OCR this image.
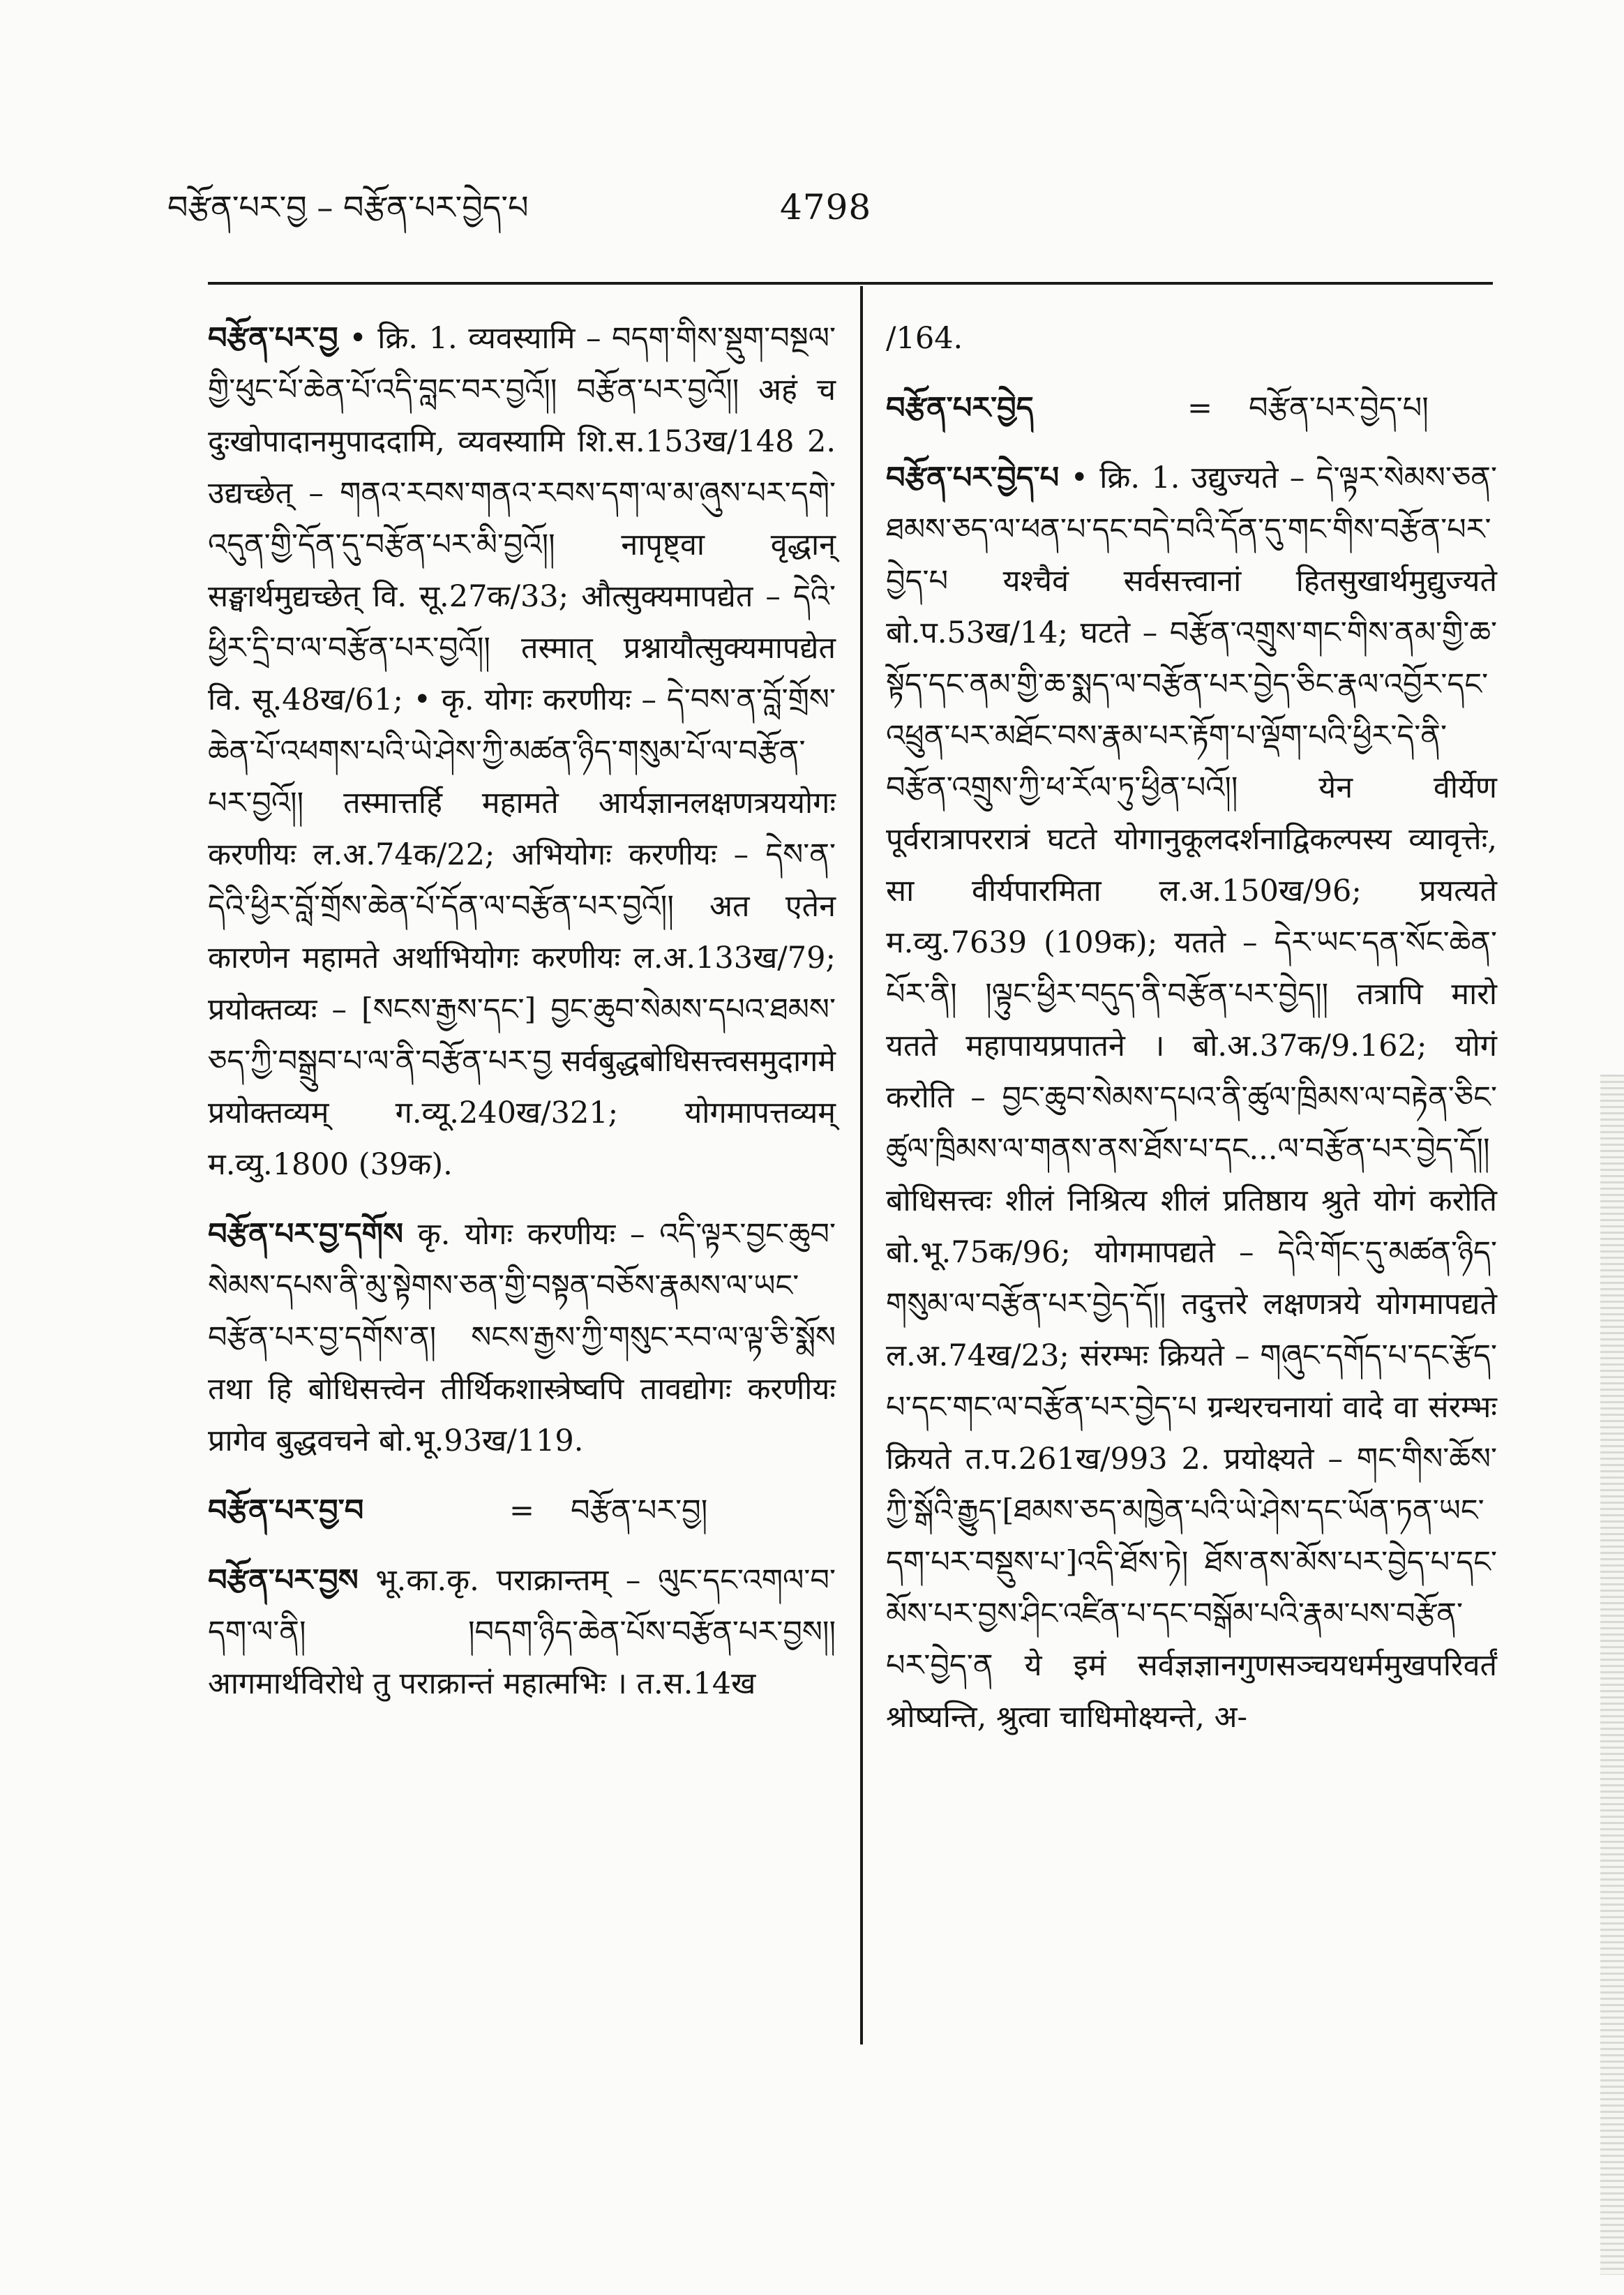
བརྩོན་པར་བྱ – བརྩོན་པར་བྱེད་པ	4798

བརྩོན་པར་བྱ • क्रि. 1. व्यवस्यामि – བདག་གིས་སྡུག་བསྔལ་གྱི་ཕུང་པོ་ཆེན་པོ་འདི་བླང་བར་བྱའོ།། བརྩོན་པར་བྱའོ།། अहं च दुःखोपादानमुपाददामि, व्यवस्यामि शि.स.153ख/148 2. उद्यच्छेत् – གནའ་རབས་གནའ་རབས་དག་ལ་མ་ཞུས་པར་དགེ་འདུན་གྱི་དོན་དུ་བརྩོན་པར་མི་བྱའོ།། नापृष्ट्वा वृद्धान् सङ्घार्थमुद्यच्छेत् वि. सू.27क/33; औत्सुक्यमापद्येत – དེའི་ཕྱིར་དྲི་བ་ལ་བརྩོན་པར་བྱའོ།། तस्मात् प्रश्नायौत्सुक्यमापद्येत वि. सू.48ख/61; • कृ. योगः करणीयः – དེ་བས་ན་བློ་གྲོས་ཆེན་པོ་འཕགས་པའི་ཡེ་ཤེས་ཀྱི་མཚན་ཉིད་གསུམ་པོ་ལ་བརྩོན་པར་བྱའོ།། तस्मात्तर्हि महामते आर्यज्ञानलक्षणत्रययोगः करणीयः ल.अ.74क/22; अभियोगः करणीयः – དེས་ན་དེའི་ཕྱིར་བློ་གྲོས་ཆེན་པོ་དོན་ལ་བརྩོན་པར་བྱའོ།། अत एतेन कारणेन महामते अर्थाभियोगः करणीयः ल.अ.133ख/79; प्रयोक्तव्यः – [སངས་རྒྱས་དང་] བྱང་ཆུབ་སེམས་དཔའ་ཐམས་ཅད་ཀྱི་བསྒྲུབ་པ་ལ་ནི་བརྩོན་པར་བྱ सर्वबुद्धबोधिसत्त्वसमुदागमे प्रयोक्तव्यम् ग.व्यू.240ख/321; योगमापत्तव्यम् म.व्यु.1800 (39क).

བརྩོན་པར་བྱ་དགོས कृ. योगः करणीयः – འདི་ལྟར་བྱང་ཆུབ་སེམས་དཔས་ནི་མུ་སྟེགས་ཅན་གྱི་བསྟན་བཅོས་རྣམས་ལ་ཡང་བརྩོན་པར་བྱ་དགོས་ན། སངས་རྒྱས་ཀྱི་གསུང་རབ་ལ་ལྟ་ཅི་སྨོས तथा हि बोधिसत्त्वेन तीर्थिकशास्त्रेष्वपि तावद्योगः करणीयः प्रागेव बुद्धवचने बो.भू.93ख/119.

བརྩོན་པར་བྱ་བ	=	བརྩོན་པར་བྱ།

བརྩོན་པར་བྱས भू.का.कृ. पराक्रान्तम् – ལུང་དང་འགལ་བ་དག་ལ་ནི། །བདག་ཉིད་ཆེན་པོས་བརྩོན་པར་བྱས།། आगमार्थविरोधे तु पराक्रान्तं महात्मभिः । त.स.14ख

/164.

བརྩོན་པར་བྱེད	=	བརྩོན་པར་བྱེད་པ།

བརྩོན་པར་བྱེད་པ • क्रि. 1. उद्युज्यते – དེ་ལྟར་སེམས་ཅན་ཐམས་ཅད་ལ་ཕན་པ་དང་བདེ་བའི་དོན་དུ་གང་གིས་བརྩོན་པར་བྱེད་པ यश्चैवं सर्वसत्त्वानां हितसुखार्थमुद्युज्यते बो.प.53ख/14; घटते – བརྩོན་འགྲུས་གང་གིས་ནམ་གྱི་ཆ་སྟོད་དང་ནམ་གྱི་ཆ་སྨད་ལ་བརྩོན་པར་བྱེད་ཅིང་རྣལ་འབྱོར་དང་འཕྲུན་པར་མཐོང་བས་རྣམ་པར་རྟོག་པ་ལྡོག་པའི་ཕྱིར་དེ་ནི་བརྩོན་འགྲུས་ཀྱི་ཕ་རོལ་ཏུ་ཕྱིན་པའོ།། येन वीर्येण पूर्वरात्रापररात्रं घटते योगानुकूलदर्शनाद्विकल्पस्य व्यावृत्तेः, सा वीर्यपारमिता ल.अ.150ख/96; प्रयत्यते म.व्यु.7639 (109क); यतते – དེར་ཡང་དན་སོང་ཆེན་པོར་ནི། །ལྟུང་ཕྱིར་བདུད་ནི་བརྩོན་པར་བྱེད།། तत्रापि मारो यतते महापायप्रपातने । बो.अ.37क/9.162; योगं करोति – བྱང་ཆུབ་སེམས་དཔའ་ནི་ཚུལ་ཁྲིམས་ལ་བརྟེན་ཅིང་ཚུལ་ཁྲིམས་ལ་གནས་ནས་ཐོས་པ་དང...ལ་བརྩོན་པར་བྱེད་དོ།། बोधिसत्त्वः शीलं निश्रित्य शीलं प्रतिष्ठाय श्रुते योगं करोति बो.भू.75क/96; योगमापद्यते – དེའི་གོང་དུ་མཚན་ཉིད་གསུམ་ལ་བརྩོན་པར་བྱེད་དོ།། तदुत्तरे लक्षणत्रये योगमापद्यते ल.अ.74ख/23; संरम्भः क्रियते – གཞུང་དགོད་པ་དང་རྩོད་པ་དང་གང་ལ་བརྩོན་པར་བྱེད་པ ग्रन्थरचनायां वादे वा संरम्भः क्रियते त.प.261ख/993 2. प्रयोक्ष्यते – གང་གིས་ཆོས་ཀྱི་སྒོའི་རྒྱུད་[ཐམས་ཅད་མཁྱེན་པའི་ཡེ་ཤེས་དང་ཡོན་ཏན་ཡང་དག་པར་བསྡུས་པ་]འདི་ཐོས་ཏེ། ཐོས་ནས་མོས་པར་བྱེད་པ་དང་མོས་པར་བྱས་ཤིང་འཛིན་པ་དང་བསྒོམ་པའི་རྣམ་པས་བརྩོན་པར་བྱེད་ན ये इमं सर्वज्ञज्ञानगुणसञ्चयधर्ममुखपरिवर्तं श्रोष्यन्ति, श्रुत्वा चाधिमोक्ष्यन्ते, अ-
